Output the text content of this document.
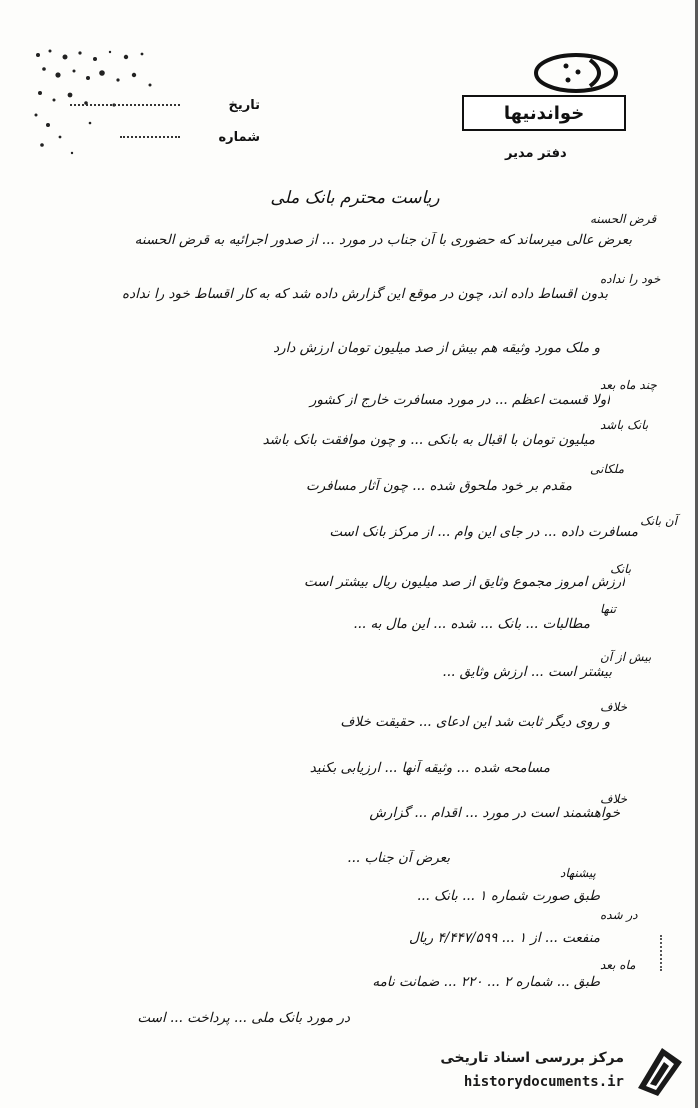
تاریخ
شماره
خواندنیها
دفتر مدیر
ریاست محترم بانک ملی
بعرض عالی میرساند که حضوری با آن جناب در مورد ... از صدور اجرائیه به قرض الحسنه
بدون اقساط داده اند، چون در موقع این گزارش داده شد که به کار اقساط خود را نداده
و ملک مورد وثیقه هم بیش از صد میلیون تومان ارزش دارد
اولا قسمت اعظم ... در مورد مسافرت خارج از کشور
میلیون تومان با اقبال به بانکی ... و چون موافقت بانک باشد
مقدم بر خود ملحوق شده ... چون آثار مسافرت
مسافرت داده ... در جای این وام ... از مرکز بانک است
ارزش امروز مجموع وثایق از صد میلیون ریال بیشتر است
مطالبات ... بانک ... شده ... این مال به ...
بیشتر است ... ارزش وثایق ...
و روی دیگر ثابت شد این ادعای ... حقیقت خلاف
مسامحه شده ... وثیقه آنها ... ارزیابی بکنید
خواهشمند است در مورد ... اقدام ... گزارش
بعرض آن جناب ...
طبق صورت شماره ۱ ... بانک ...
منفعت ... از ۱ ... ۴/۴۴۷/۵۹۹ ریال
طبق ... شماره ۲ ... ۲۲۰ ... ضمانت نامه
در مورد بانک ملی ... پرداخت ... است
قرض الحسنه
خود را نداده
چند ماه بعد
بانک باشد
ملکانی
آن بانک
بانک
تنها
بیش از آن
خلاف
خلاف
پیشنهاد
در شده
ماه بعد
مرکز بررسی اسناد تاریخی
historydocuments.ir
